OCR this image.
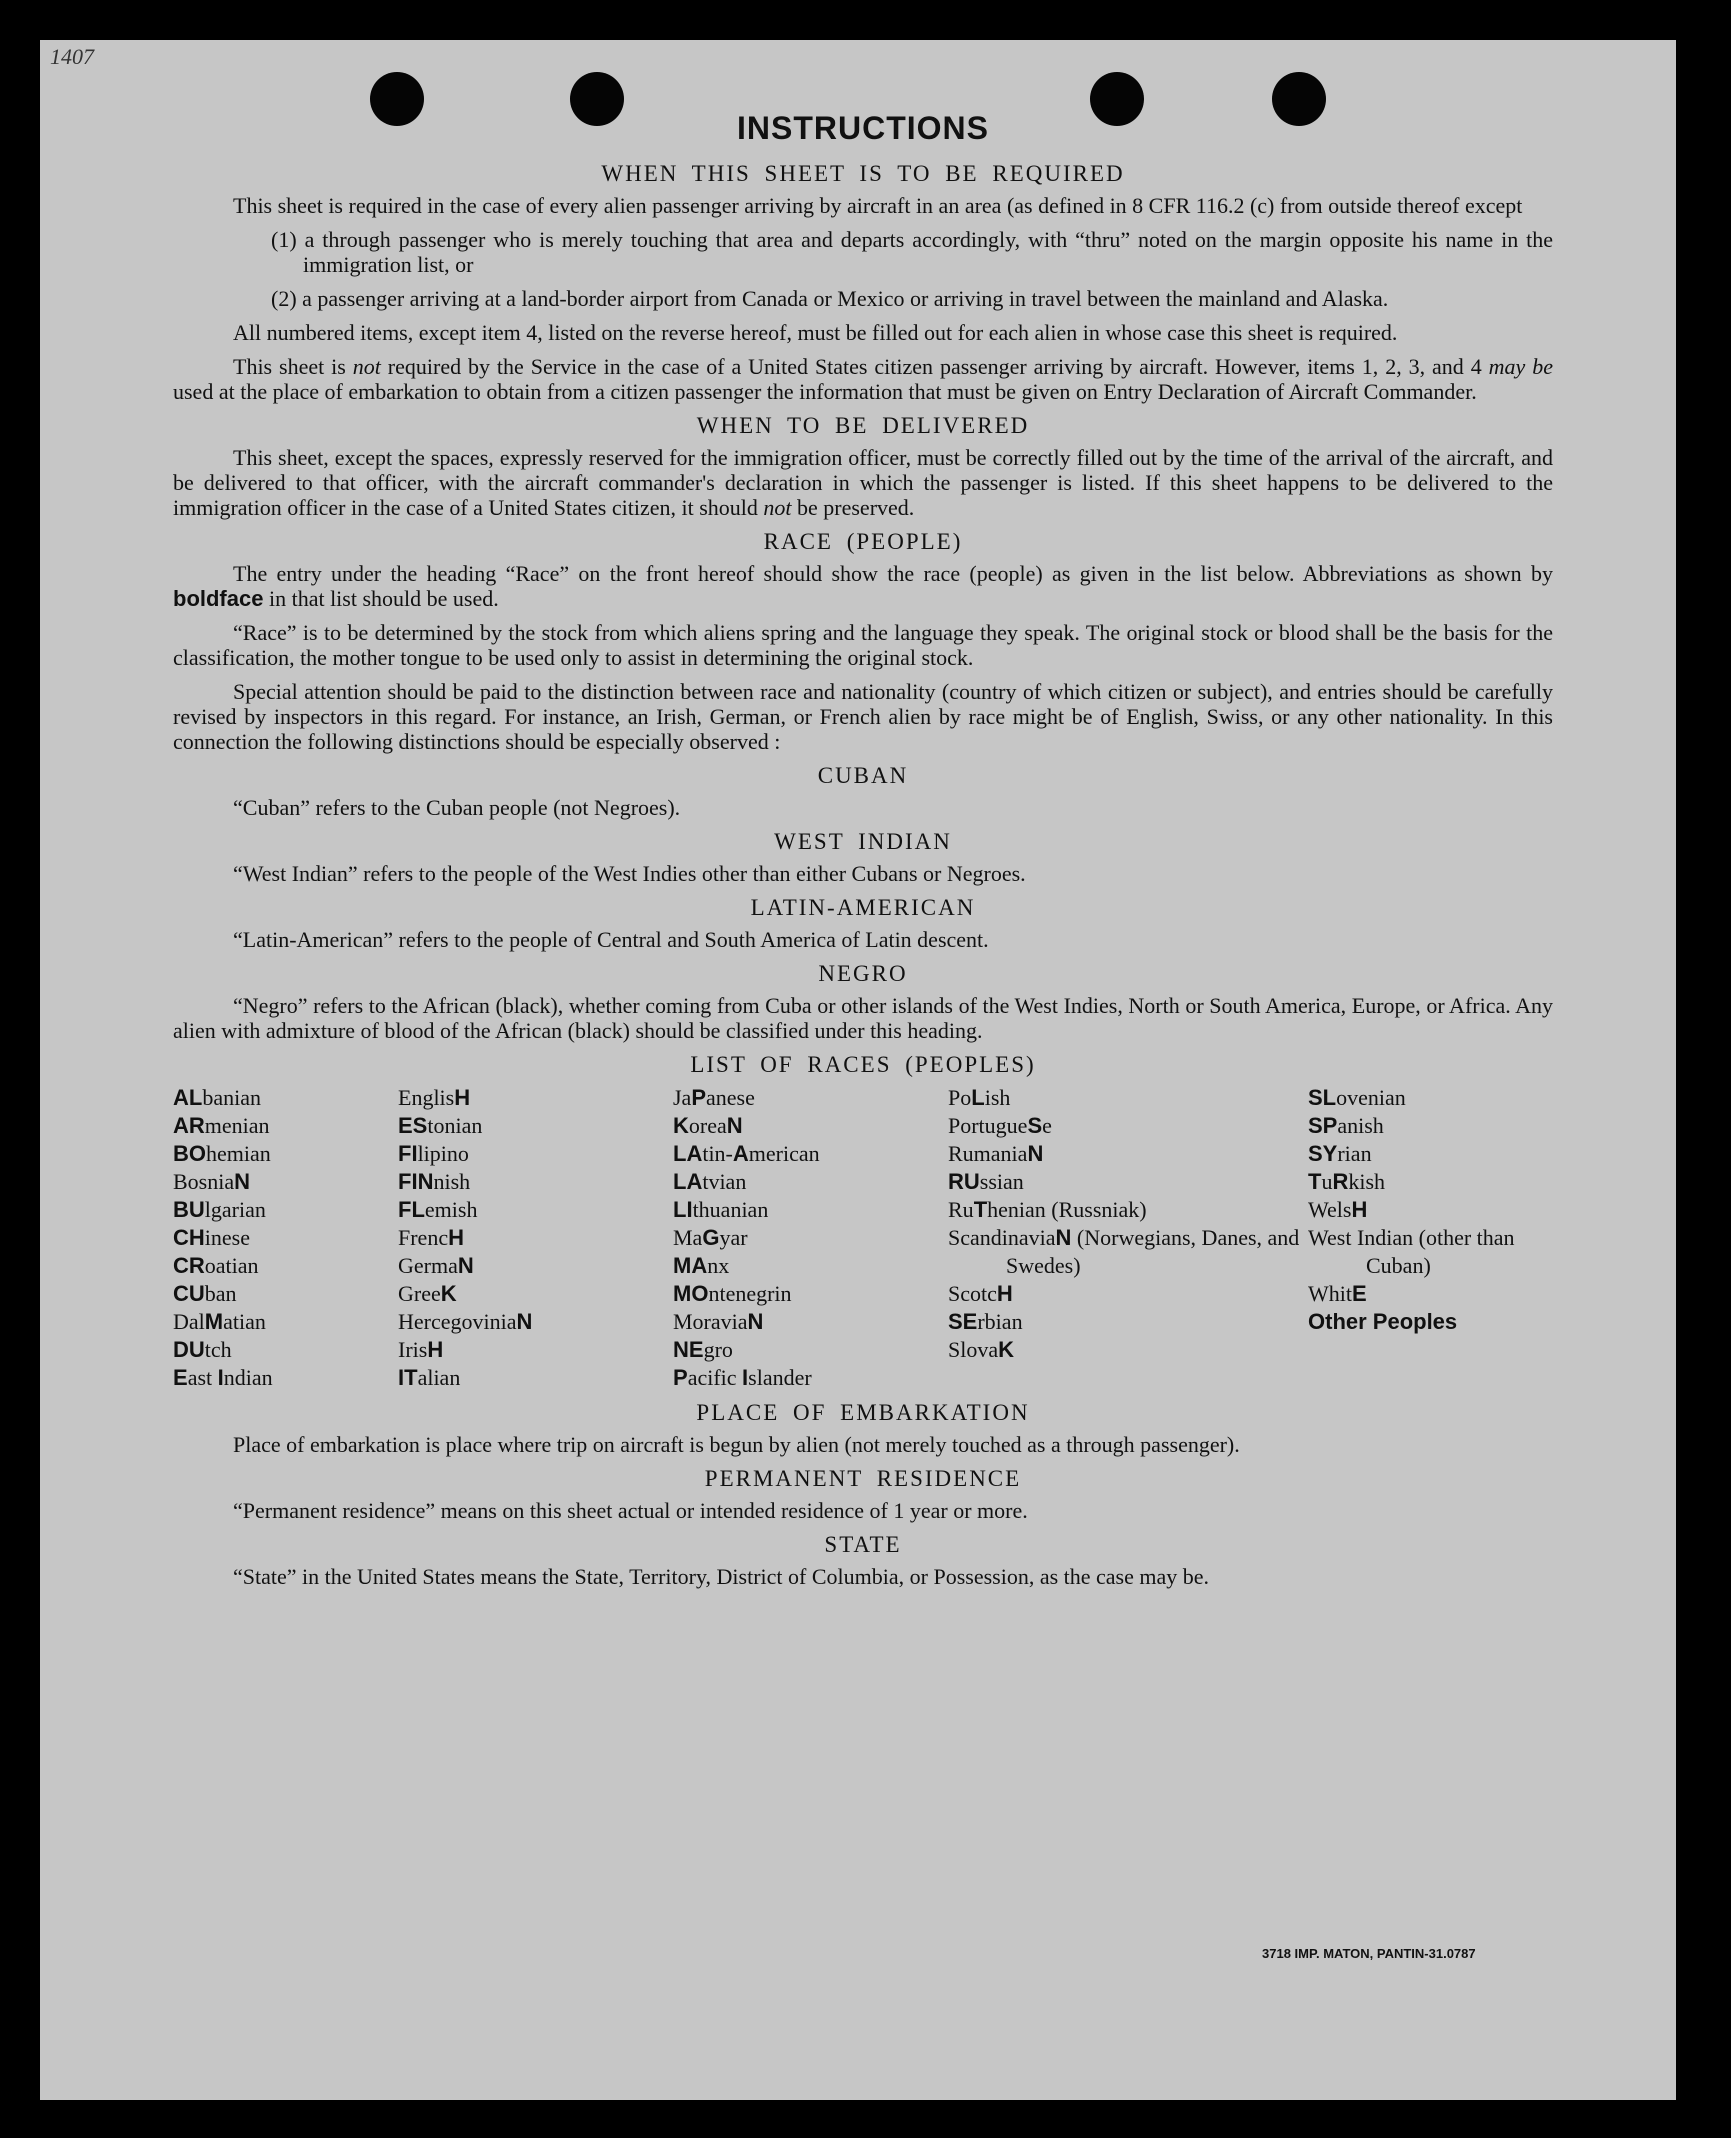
1407
INSTRUCTIONS
WHEN THIS SHEET IS TO BE REQUIRED

This sheet is required in the case of every alien passenger arriving by aircraft in an area (as defined in 8 CFR 116.2 (c) from outside thereof except

(1) a through passenger who is merely touching that area and departs accordingly, with “thru” noted on the margin opposite his name in the immigration list, or

(2) a passenger arriving at a land-border airport from Canada or Mexico or arriving in travel between the mainland and Alaska.

All numbered items, except item 4, listed on the reverse hereof, must be filled out for each alien in whose case this sheet is required.

This sheet is not required by the Service in the case of a United States citizen passenger arriving by aircraft. However, items 1, 2, 3, and 4 may be used at the place of embarkation to obtain from a citizen passenger the information that must be given on Entry Declaration of Aircraft Commander.

WHEN TO BE DELIVERED

This sheet, except the spaces, expressly reserved for the immigration officer, must be correctly filled out by the time of the arrival of the aircraft, and be delivered to that officer, with the aircraft commander's declaration in which the passenger is listed. If this sheet happens to be delivered to the immigration officer in the case of a United States citizen, it should not be preserved.

RACE (PEOPLE)

The entry under the heading “Race” on the front hereof should show the race (people) as given in the list below. Abbreviations as shown by boldface in that list should be used.

“Race” is to be determined by the stock from which aliens spring and the language they speak. The original stock or blood shall be the basis for the classification, the mother tongue to be used only to assist in determining the original stock.

Special attention should be paid to the distinction between race and nationality (country of which citizen or subject), and entries should be carefully revised by inspectors in this regard. For instance, an Irish, German, or French alien by race might be of English, Swiss, or any other nationality. In this connection the following distinctions should be especially observed :

CUBAN

“Cuban” refers to the Cuban people (not Negroes).

WEST INDIAN

“West Indian” refers to the people of the West Indies other than either Cubans or Negroes.

LATIN-AMERICAN

“Latin-American” refers to the people of Central and South America of Latin descent.

NEGRO

“Negro” refers to the African (black), whether coming from Cuba or other islands of the West Indies, North or South America, Europe, or Africa. Any alien with admixture of blood of the African (black) should be classified under this heading.

LIST OF RACES (PEOPLES)
ALbanian
ARmenian
BOhemian
BosniaN
BUlgarian
CHinese
CRoatian
CUban
DalMatian
DUtch
East Indian
EnglisH
EStonian
FIlipino
FINnish
FLemish
FrencH
GermaN
GreeK
HercegoviniaN
IrisH
ITalian
JaPanese
KoreaN
LAtin-American
LAtvian
LIthuanian
MaGyar
MAnx
MOntenegrin
MoraviaN
NEgro
Pacific Islander
PoLish
PortugueSe
RumaniaN
RUssian
RuThenian (Russniak)
ScandinaviaN (Norwegians, Danes, and Swedes)
ScotcH
SErbian
SlovaK
SLovenian
SPanish
SYrian
TuRkish
WelsH
West Indian (other than Cuban)
WhitE
Other Peoples
PLACE OF EMBARKATION

Place of embarkation is place where trip on aircraft is begun by alien (not merely touched as a through passenger).

PERMANENT RESIDENCE

“Permanent residence” means on this sheet actual or intended residence of 1 year or more.

STATE

“State” in the United States means the State, Territory, District of Columbia, or Possession, as the case may be.

3718 IMP. MATON, PANTIN-31.0787
